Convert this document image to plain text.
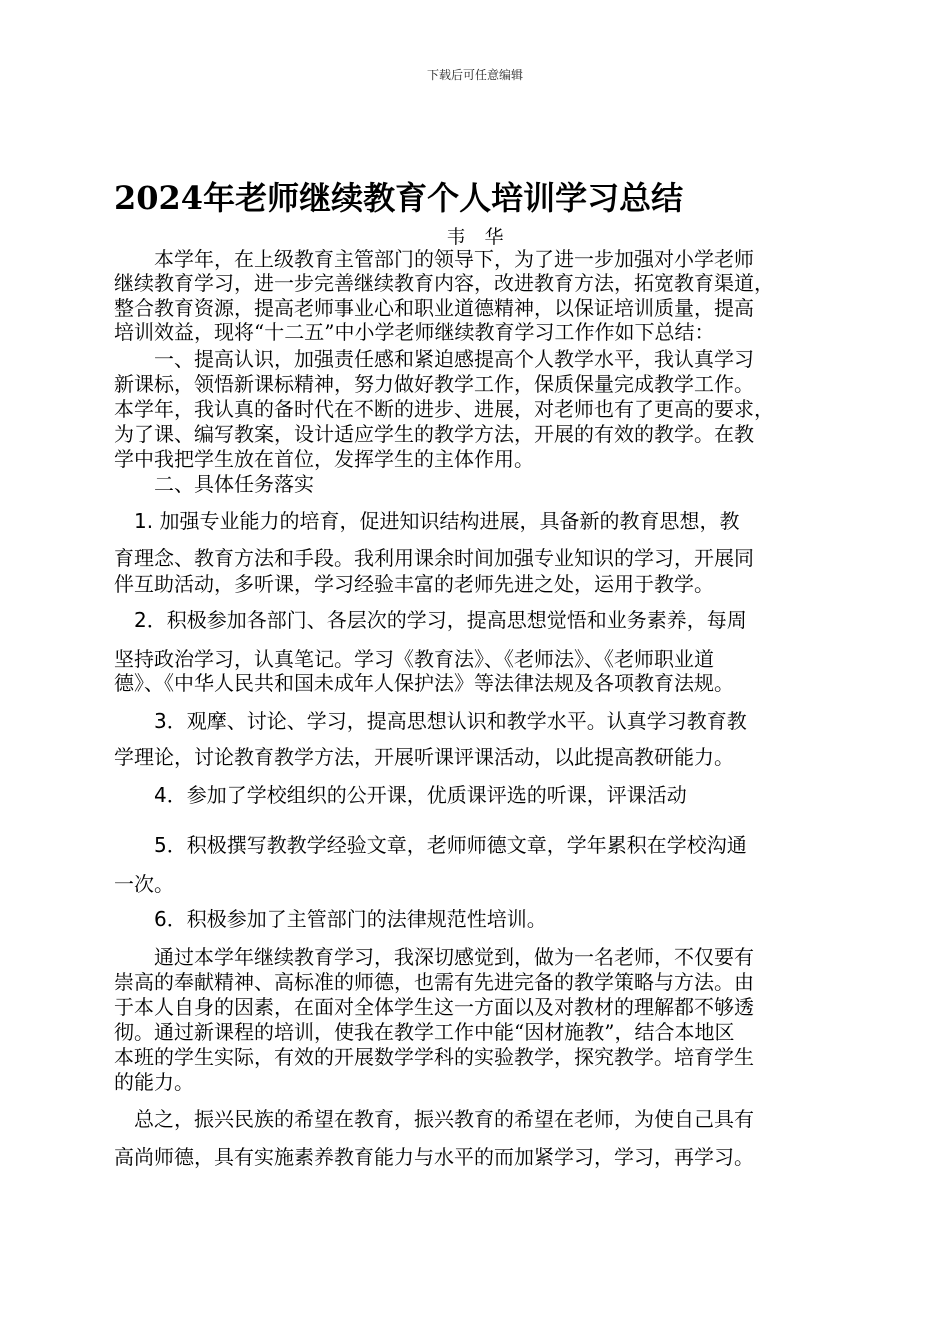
下载后可任意编辑
2024年老师继续教育个人培训学习总结
韦　华

　　本学年，在上级教育主管部门的领导下，为了进一步加强对小学老师

继续教育学习，进一步完善继续教育内容，改进教育方法，拓宽教育渠道，

整合教育资源，提高老师事业心和职业道德精神，以保证培训质量，提高

培训效益，现将“十二五”中小学老师继续教育学习工作作如下总结：

　　一、提高认识，加强责任感和紧迫感提高个人教学水平，我认真学习

新课标，领悟新课标精神，努力做好教学工作，保质保量完成教学工作。

本学年，我认真的备时代在不断的进步、进展，对老师也有了更高的要求，

为了课、编写教案，设计适应学生的教学方法，开展的有效的教学。在教

学中我把学生放在首位，发挥学生的主体作用。

　　二、具体任务落实

　1. 加强专业能力的培育，促进知识结构进展，具备新的教育思想，教

育理念、教育方法和手段。我利用课余时间加强专业知识的学习，开展同

伴互助活动，多听课，学习经验丰富的老师先进之处，运用于教学。

　2．积极参加各部门、各层次的学习，提高思想觉悟和业务素养，每周

坚持政治学习，认真笔记。学习《教育法》、《老师法》、《老师职业道

德》、《中华人民共和国未成年人保护法》等法律法规及各项教育法规。

　　3．观摩、讨论、学习，提高思想认识和教学水平。认真学习教育教

学理论，讨论教育教学方法，开展听课评课活动，以此提高教研能力。

　　4．参加了学校组织的公开课，优质课评选的听课，评课活动

　　5．积极撰写教教学经验文章，老师师德文章，学年累积在学校沟通

一次。

　　6．积极参加了主管部门的法律规范性培训。

　　通过本学年继续教育学习，我深切感觉到，做为一名老师，不仅要有

崇高的奉献精神、高标准的师德，也需有先进完备的教学策略与方法。由

于本人自身的因素，在面对全体学生这一方面以及对教材的理解都不够透

彻。通过新课程的培训，使我在教学工作中能“因材施教”，结合本地区

本班的学生实际，有效的开展数学学科的实验教学，探究教学。培育学生

的能力。

　总之，振兴民族的希望在教育，振兴教育的希望在老师，为使自己具有

高尚师德，具有实施素养教育能力与水平的而加紧学习，学习，再学习。
